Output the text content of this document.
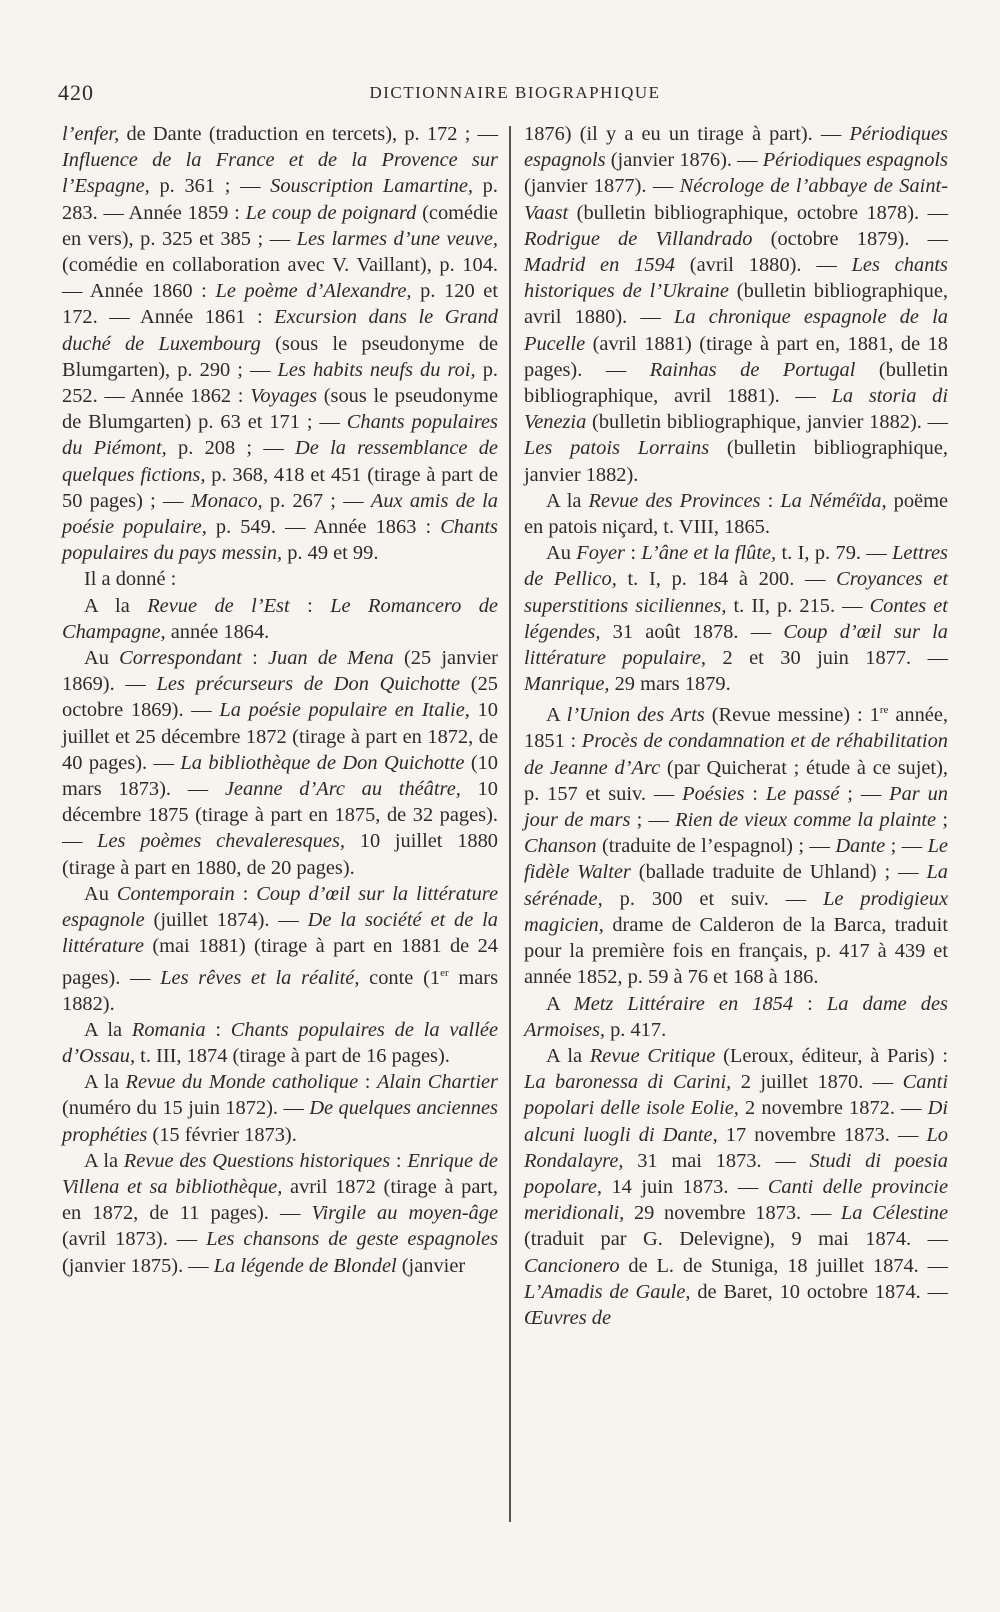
420	DICTIONNAIRE BIOGRAPHIQUE

l’enfer, de Dante (traduction en tercets), p. 172 ; — Influence de la France et de la Provence sur l’Espagne, p. 361 ; — Souscription Lamartine, p. 283. — Année 1859 : Le coup de poignard (comédie en vers), p. 325 et 385 ; — Les larmes d’une veuve, (comédie en collaboration avec V. Vaillant), p. 104. — Année 1860 : Le poème d’Alexandre, p. 120 et 172. — Année 1861 : Excursion dans le Grand duché de Luxembourg (sous le pseudonyme de Blumgarten), p. 290 ; — Les habits neufs du roi, p. 252. — Année 1862 : Voyages (sous le pseudonyme de Blumgarten) p. 63 et 171 ; — Chants populaires du Piémont, p. 208 ; — De la ressemblance de quelques fictions, p. 368, 418 et 451 (tirage à part de 50 pages) ; — Monaco, p. 267 ; — Aux amis de la poésie populaire, p. 549. — Année 1863 : Chants populaires du pays messin, p. 49 et 99.

Il a donné :

A la Revue de l’Est : Le Romancero de Champagne, année 1864.

Au Correspondant : Juan de Mena (25 janvier 1869). — Les précurseurs de Don Quichotte (25 octobre 1869). — La poésie populaire en Italie, 10 juillet et 25 décembre 1872 (tirage à part en 1872, de 40 pages). — La bibliothèque de Don Quichotte (10 mars 1873). — Jeanne d’Arc au théâtre, 10 décembre 1875 (tirage à part en 1875, de 32 pages). — Les poèmes chevaleresques, 10 juillet 1880 (tirage à part en 1880, de 20 pages).

Au Contemporain : Coup d’œil sur la littérature espagnole (juillet 1874). — De la société et de la littérature (mai 1881) (tirage à part en 1881 de 24 pages). — Les rêves et la réalité, conte (1er mars 1882).

A la Romania : Chants populaires de la vallée d’Ossau, t. III, 1874 (tirage à part de 16 pages).

A la Revue du Monde catholique : Alain Chartier (numéro du 15 juin 1872). — De quelques anciennes prophéties (15 février 1873).

A la Revue des Questions historiques : Enrique de Villena et sa bibliothèque, avril 1872 (tirage à part, en 1872, de 11 pages). — Virgile au moyen-âge (avril 1873). — Les chansons de geste espagnoles (janvier 1875). — La légende de Blondel (janvier

1876) (il y a eu un tirage à part). — Périodiques espagnols (janvier 1876). — Périodiques espagnols (janvier 1877). — Nécrologe de l’abbaye de Saint-Vaast (bulletin bibliographique, octobre 1878). — Rodrigue de Villandrado (octobre 1879). — Madrid en 1594 (avril 1880). — Les chants historiques de l’Ukraine (bulletin bibliographique, avril 1880). — La chronique espagnole de la Pucelle (avril 1881) (tirage à part en, 1881, de 18 pages). — Rainhas de Portugal (bulletin bibliographique, avril 1881). — La storia di Venezia (bulletin bibliographique, janvier 1882). — Les patois Lorrains (bulletin bibliographique, janvier 1882).

A la Revue des Provinces : La Néméïda, poëme en patois niçard, t. VIII, 1865.

Au Foyer : L’âne et la flûte, t. I, p. 79. — Lettres de Pellico, t. I, p. 184 à 200. — Croyances et superstitions siciliennes, t. II, p. 215. — Contes et légendes, 31 août 1878. — Coup d’œil sur la littérature populaire, 2 et 30 juin 1877. — Manrique, 29 mars 1879.

A l’Union des Arts (Revue messine) : 1re année, 1851 : Procès de condamnation et de réhabilitation de Jeanne d’Arc (par Quicherat ; étude à ce sujet), p. 157 et suiv. — Poésies : Le passé ; — Par un jour de mars ; — Rien de vieux comme la plainte ; Chanson (traduite de l’espagnol) ; — Dante ; — Le fidèle Walter (ballade traduite de Uhland) ; — La sérénade, p. 300 et suiv. — Le prodigieux magicien, drame de Calderon de la Barca, traduit pour la première fois en français, p. 417 à 439 et année 1852, p. 59 à 76 et 168 à 186.

A Metz Littéraire en 1854 : La dame des Armoises, p. 417.

A la Revue Critique (Leroux, éditeur, à Paris) : La baronessa di Carini, 2 juillet 1870. — Canti popolari delle isole Eolie, 2 novembre 1872. — Di alcuni luogli di Dante, 17 novembre 1873. — Lo Rondalayre, 31 mai 1873. — Studi di poesia popolare, 14 juin 1873. — Canti delle provincie meridionali, 29 novembre 1873. — La Célestine (traduit par G. Delevigne), 9 mai 1874. — Cancionero de L. de Stuniga, 18 juillet 1874. — L’Amadis de Gaule, de Baret, 10 octobre 1874. — Œuvres de
